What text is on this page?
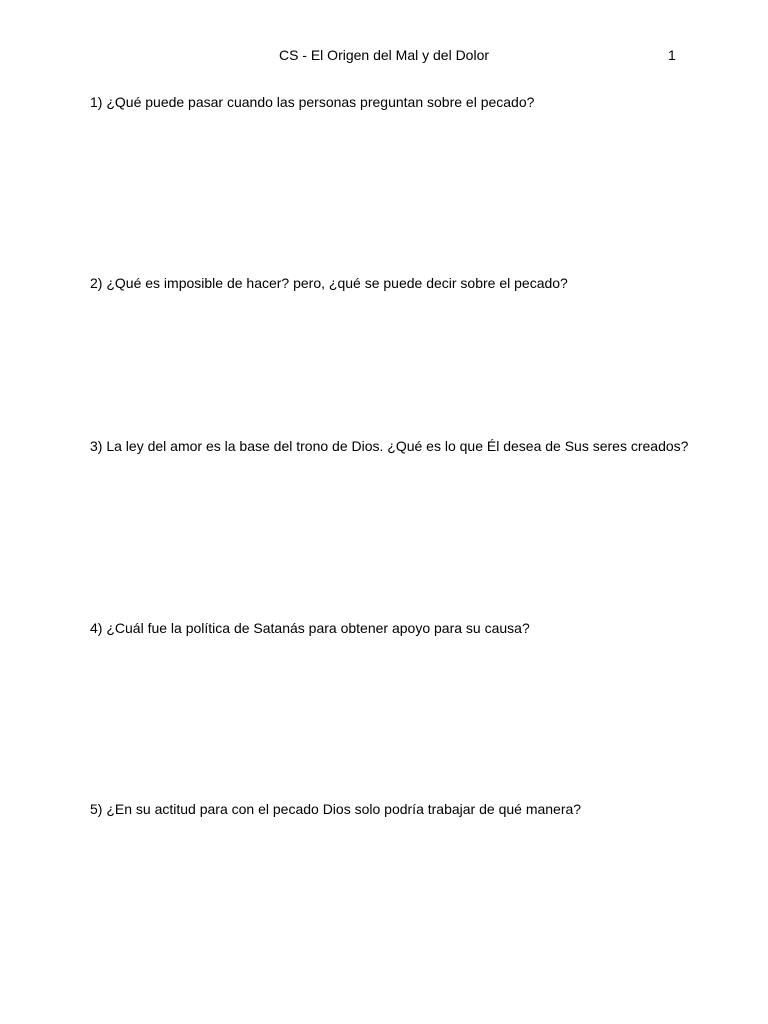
CS - El Origen del Mal y del Dolor	1

1) ¿Qué puede pasar cuando las personas preguntan sobre el pecado?

2) ¿Qué es imposible de hacer? pero, ¿qué se puede decir sobre el pecado?

3) La ley del amor es la base del trono de Dios. ¿Qué es lo que Él desea de Sus seres creados?

4) ¿Cuál fue la política de Satanás para obtener apoyo para su causa?

5) ¿En su actitud para con el pecado Dios solo podría trabajar de qué manera?
